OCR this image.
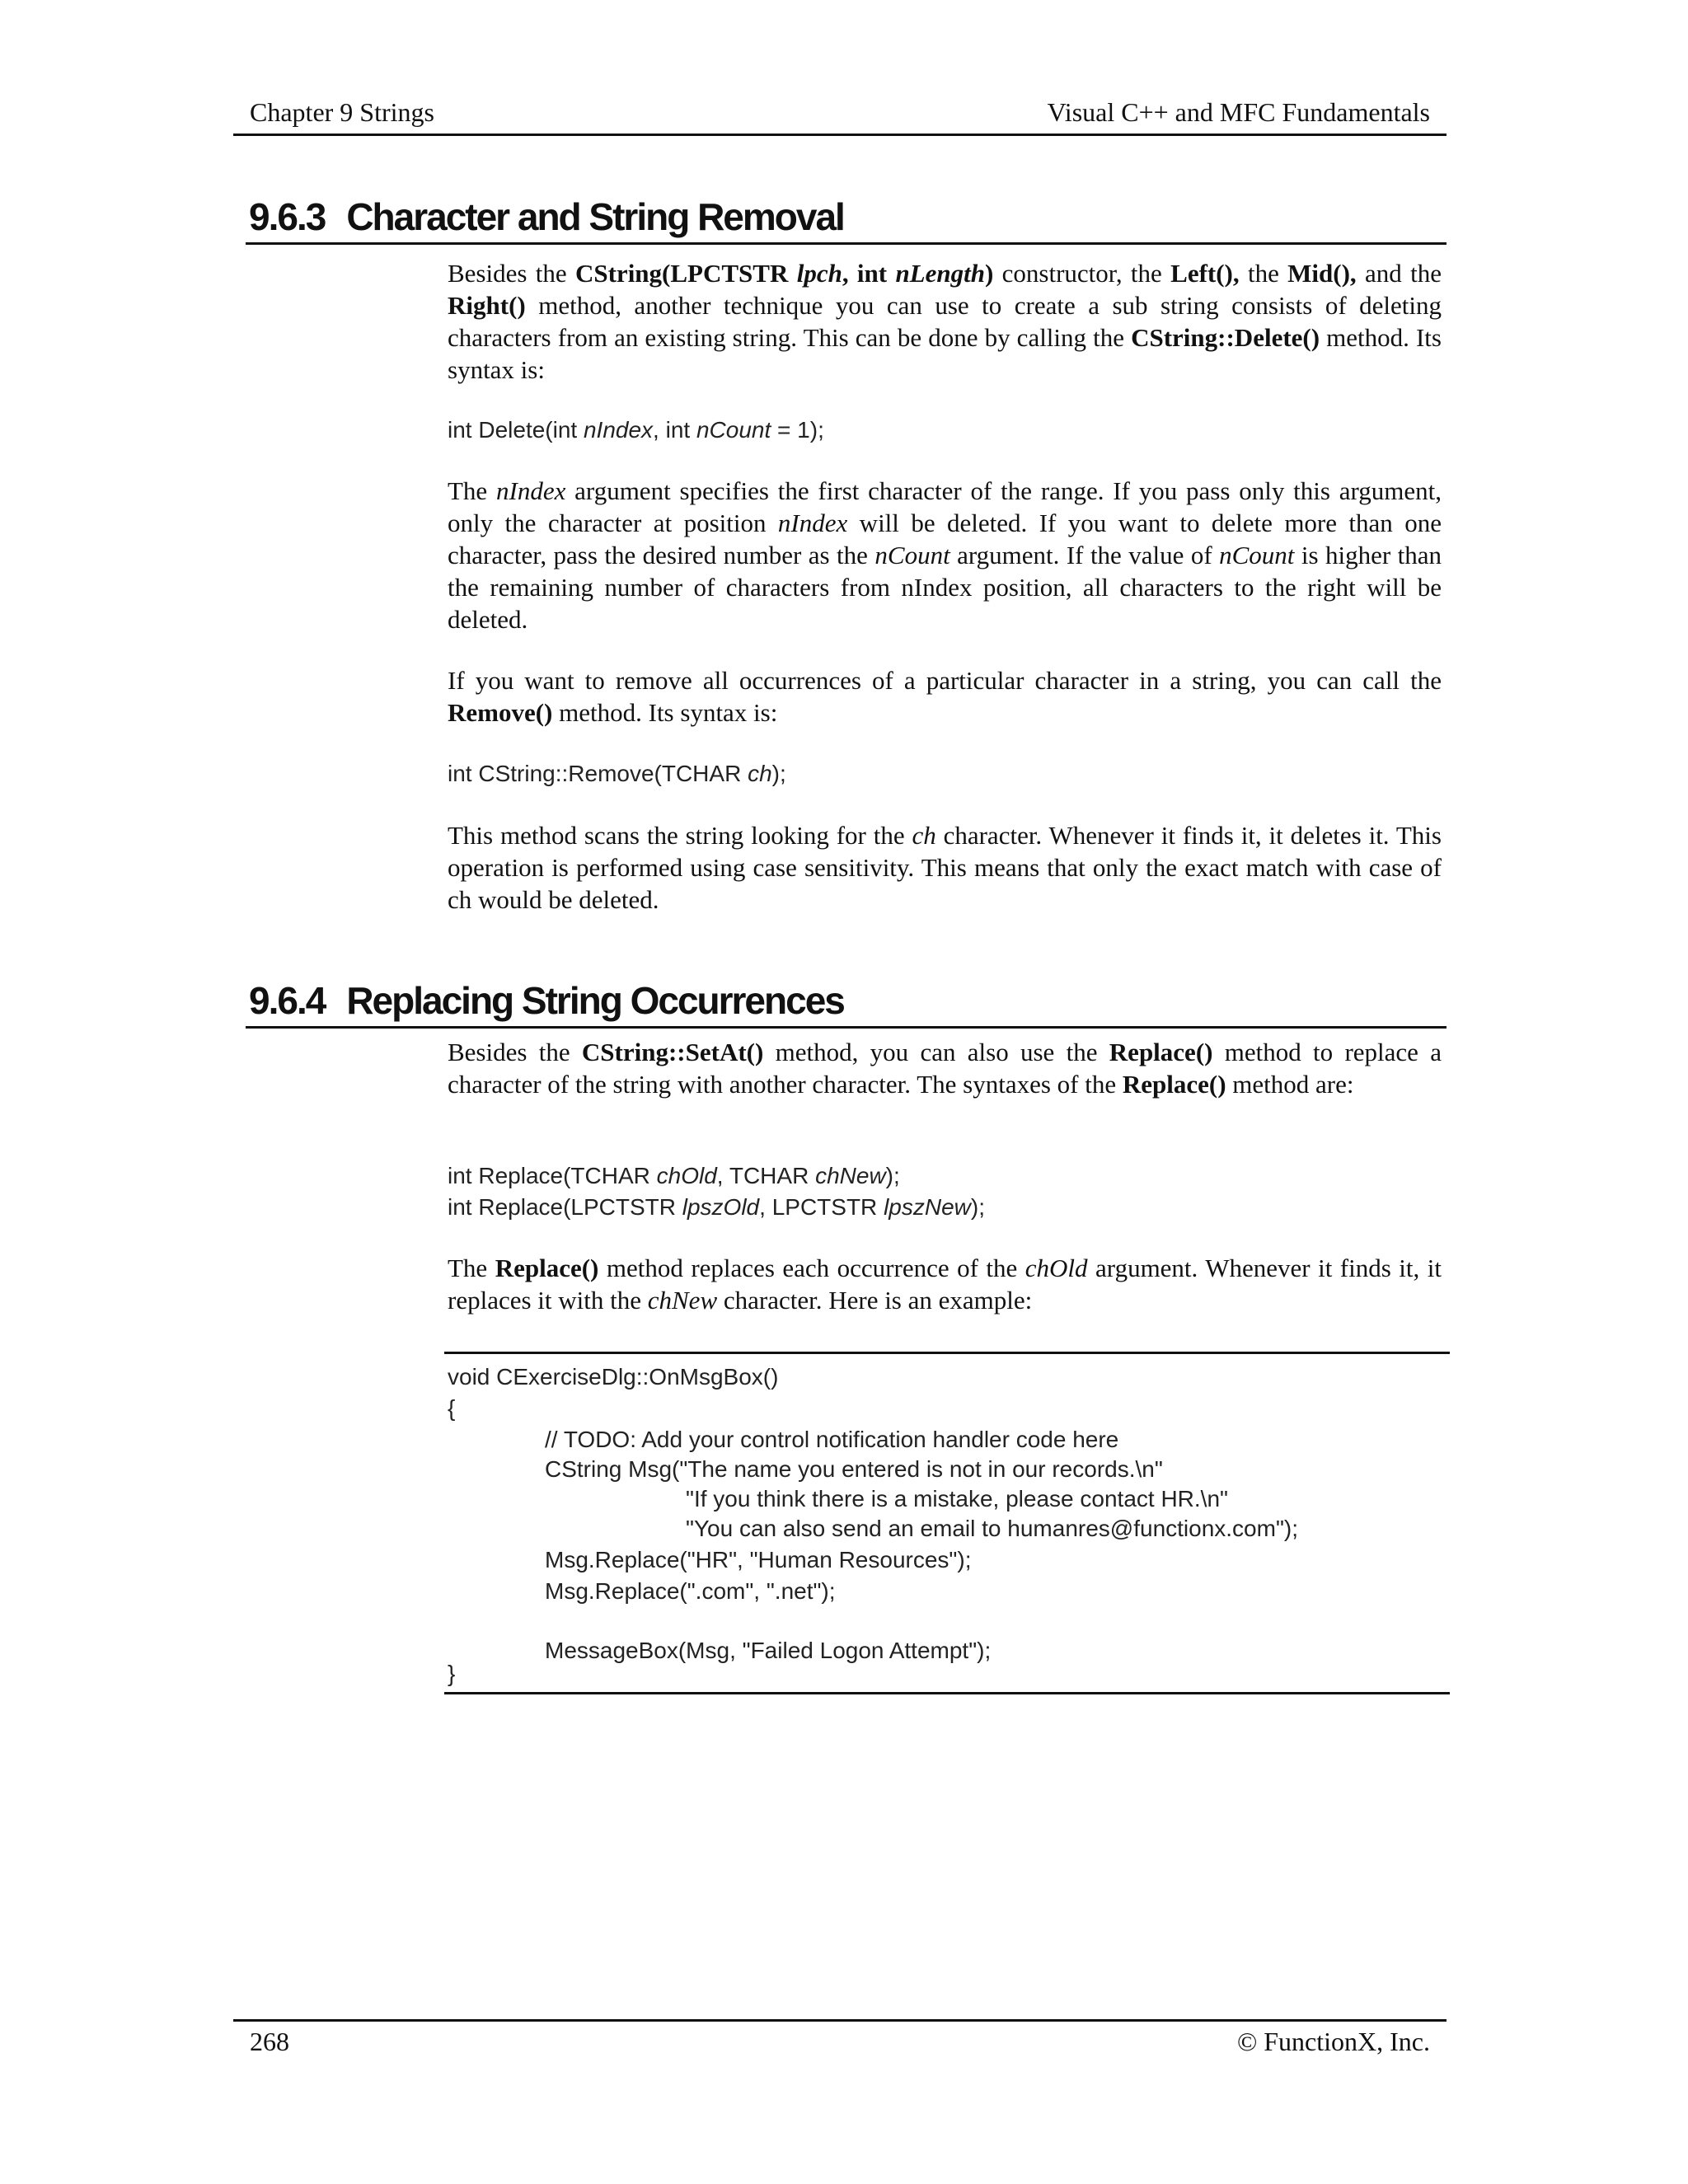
Chapter 9 Strings	Visual C++ and MFC Fundamentals
9.6.3 Character and String Removal
Besides the CString(LPCTSTR lpch, int nLength) constructor, the Left(), the Mid(), and the Right() method, another technique you can use to create a sub string consists of deleting characters from an existing string. This can be done by calling the CString::Delete() method. Its syntax is:
int Delete(int nIndex, int nCount = 1);
The nIndex argument specifies the first character of the range. If you pass only this argument, only the character at position nIndex will be deleted. If you want to delete more than one character, pass the desired number as the nCount argument. If the value of nCount is higher than the remaining number of characters from nIndex position, all characters to the right will be deleted.
If you want to remove all occurrences of a particular character in a string, you can call the Remove() method. Its syntax is:
int CString::Remove(TCHAR ch);
This method scans the string looking for the ch character. Whenever it finds it, it deletes it. This operation is performed using case sensitivity. This means that only the exact match with case of ch would be deleted.
9.6.4 Replacing String Occurrences
Besides the CString::SetAt() method, you can also use the Replace() method to replace a character of the string with another character. The syntaxes of the Replace() method are:
int Replace(TCHAR chOld, TCHAR chNew);
int Replace(LPCTSTR lpszOld, LPCTSTR lpszNew);
The Replace() method replaces each occurrence of the chOld argument. Whenever it finds it, it replaces it with the chNew character. Here is an example:
void CExerciseDlg::OnMsgBox()
{
// TODO: Add your control notification handler code here
CString Msg("The name you entered is not in our records.\n"
"If you think there is a mistake, please contact HR.\n"
"You can also send an email to humanres@functionx.com");
Msg.Replace("HR", "Human Resources");
Msg.Replace(".com", ".net");
MessageBox(Msg, "Failed Logon Attempt");
}
268	© FunctionX, Inc.
